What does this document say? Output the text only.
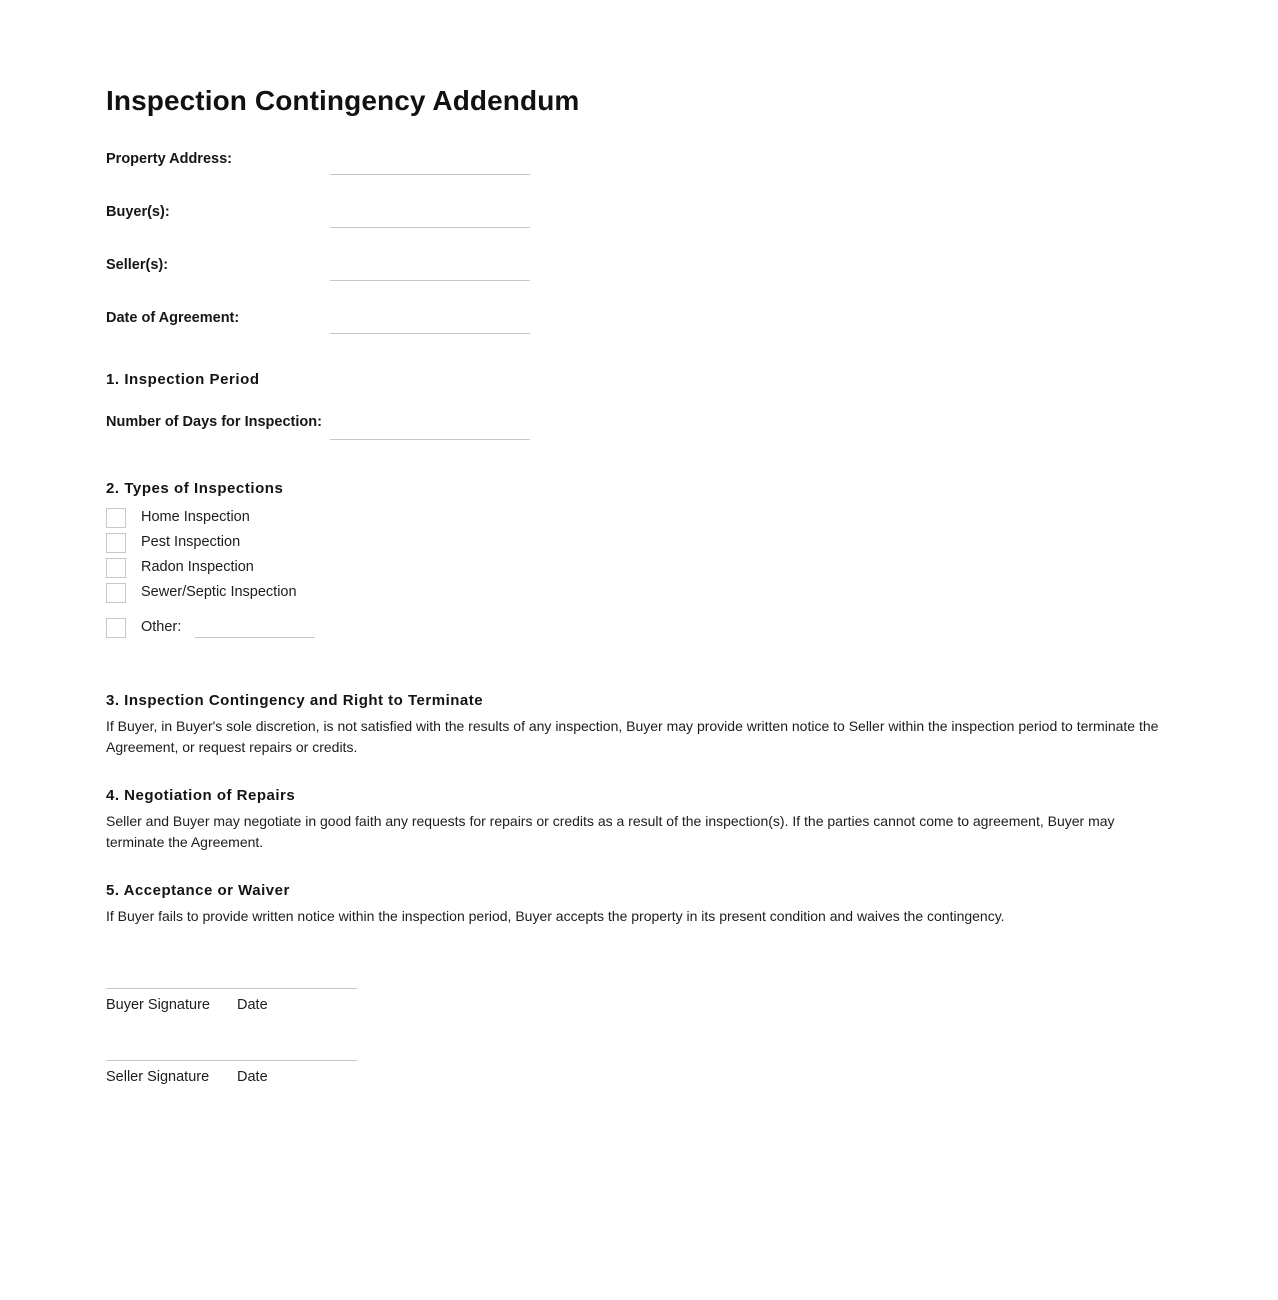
Inspection Contingency Addendum
Property Address:
Buyer(s):
Seller(s):
Date of Agreement:
1. Inspection Period
Number of Days for Inspection:
2. Types of Inspections
Home Inspection
Pest Inspection
Radon Inspection
Sewer/Septic Inspection
Other:
3. Inspection Contingency and Right to Terminate

If Buyer, in Buyer's sole discretion, is not satisfied with the results of any inspection, Buyer may provide written notice to Seller within the inspection period to terminate the Agreement, or request repairs or credits.

4. Negotiation of Repairs

Seller and Buyer may negotiate in good faith any requests for repairs or credits as a result of the inspection(s). If the parties cannot come to agreement, Buyer may terminate the Agreement.

5. Acceptance or Waiver

If Buyer fails to provide written notice within the inspection period, Buyer accepts the property in its present condition and waives the contingency.

Buyer Signature	Date
Seller Signature	Date
